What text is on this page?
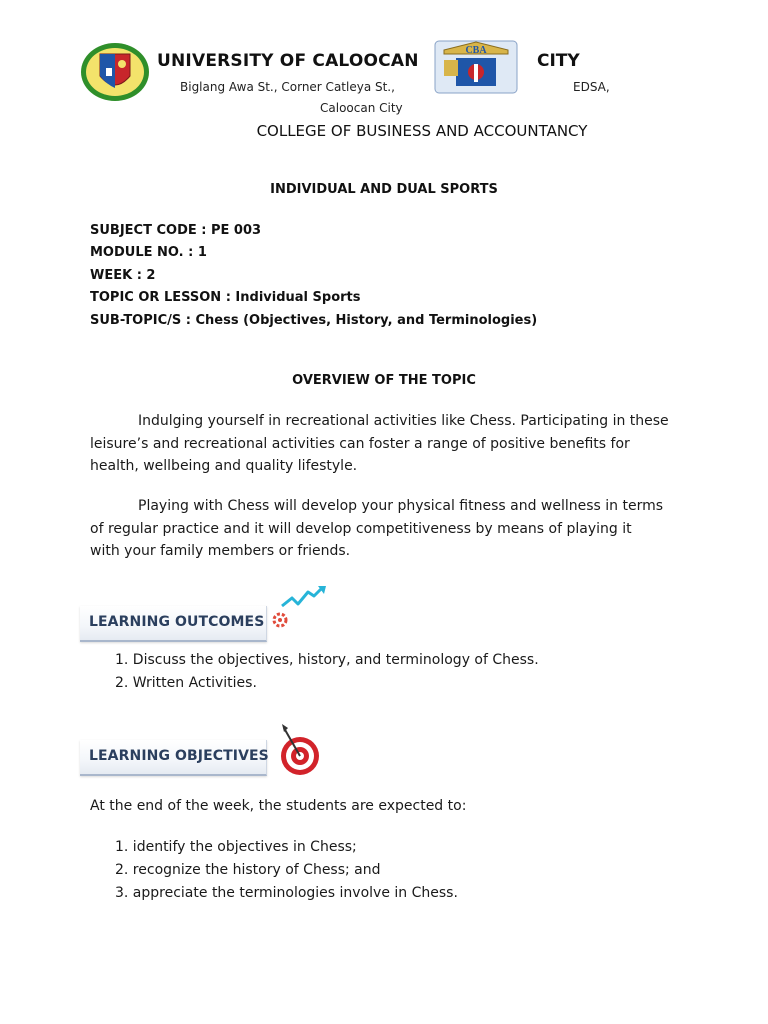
CBA
UNIVERSITY OF CALOOCAN	CITY
Biglang Awa St., Corner Catleya St.,	EDSA,
Caloocan City
COLLEGE OF BUSINESS AND ACCOUNTANCY
INDIVIDUAL AND DUAL SPORTS
SUBJECT CODE : PE 003
MODULE NO. : 1
WEEK : 2
TOPIC OR LESSON : Individual Sports
SUB-TOPIC/S : Chess (Objectives, History, and Terminologies)
OVERVIEW OF THE TOPIC
Indulging yourself in recreational activities like Chess. Participating in these
leisure’s and recreational activities can foster a range of positive benefits for
health, wellbeing and quality lifestyle.
Playing with Chess will develop your physical fitness and wellness in terms
of regular practice and it will develop competitiveness by means of playing it
with your family members or friends.
LEARNING OUTCOMES
1. Discuss the objectives, history, and terminology of Chess.
2. Written Activities.
LEARNING OBJECTIVES
At the end of the week, the students are expected to:
1. identify the objectives in Chess;
2. recognize the history of Chess; and
3. appreciate the terminologies involve in Chess.
